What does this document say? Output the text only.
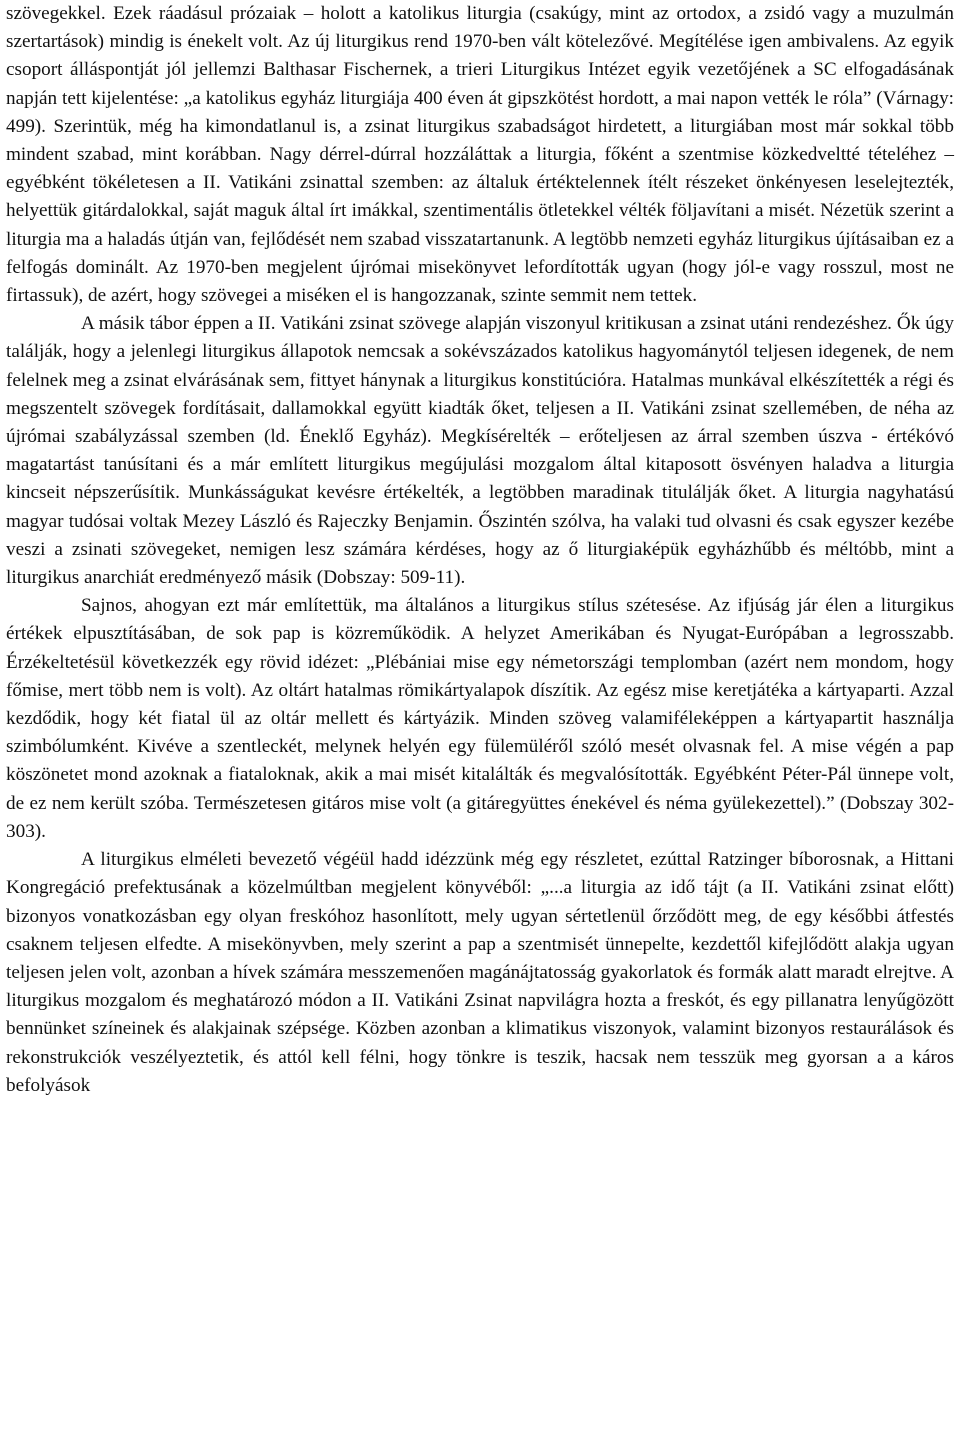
szövegekkel. Ezek ráadásul prózaiak – holott a katolikus liturgia (csakúgy, mint az ortodox, a zsidó vagy a muzulmán szertartások) mindig is énekelt volt. Az új liturgikus rend 1970-ben vált kötelezővé. Megítélése igen ambivalens. Az egyik csoport álláspontját jól jellemzi Balthasar Fischernek, a trieri Liturgikus Intézet egyik vezetőjének a SC elfogadásának napján tett kijelentése: „a katolikus egyház liturgiája 400 éven át gipszkötést hordott, a mai napon vették le róla” (Várnagy: 499). Szerintük, még ha kimondatlanul is, a zsinat liturgikus szabadságot hirdetett, a liturgiában most már sokkal több mindent szabad, mint korábban. Nagy dérrel-dúrral hozzáláttak a liturgia, főként a szentmise közkedveltté tételéhez – egyébként tökéletesen a II. Vatikáni zsinattal szemben: az általuk értéktelennek ítélt részeket önkényesen leselejtezték, helyettük gitárdalokkal, saját maguk által írt imákkal, szentimentális ötletekkel vélték följavítani a misét. Nézetük szerint a liturgia ma a haladás útján van, fejlődését nem szabad visszatartanunk. A legtöbb nemzeti egyház liturgikus újításaiban ez a felfogás dominált. Az 1970-ben megjelent újrómai misekönyvet lefordították ugyan (hogy jól-e vagy rosszul, most ne firtassuk), de azért, hogy szövegei a miséken el is hangozzanak, szinte semmit nem tettek.

A másik tábor éppen a II. Vatikáni zsinat szövege alapján viszonyul kritikusan a zsinat utáni rendezéshez. Ők úgy találják, hogy a jelenlegi liturgikus állapotok nemcsak a sokévszázados katolikus hagyománytól teljesen idegenek, de nem felelnek meg a zsinat elvárásának sem, fittyet hánynak a liturgikus konstitúcióra. Hatalmas munkával elkészítették a régi és megszentelt szövegek fordításait, dallamokkal együtt kiadták őket, teljesen a II. Vatikáni zsinat szellemében, de néha az újrómai szabályzással szemben (ld. Éneklő Egyház). Megkísérelték – erőteljesen az árral szemben úszva - értékóvó magatartást tanúsítani és a már említett liturgikus megújulási mozgalom által kitaposott ösvényen haladva a liturgia kincseit népszerűsítik. Munkásságukat kevésre értékelték, a legtöbben maradinak titulálják őket. A liturgia nagyhatású magyar tudósai voltak Mezey László és Rajeczky Benjamin. Őszintén szólva, ha valaki tud olvasni és csak egyszer kezébe veszi a zsinati szövegeket, nemigen lesz számára kérdéses, hogy az ő liturgiaképük egyházhűbb és méltóbb, mint a liturgikus anarchiát eredményező másik (Dobszay: 509-11).

Sajnos, ahogyan ezt már említettük, ma általános a liturgikus stílus szétesése. Az ifjúság jár élen a liturgikus értékek elpusztításában, de sok pap is közreműködik. A helyzet Amerikában és Nyugat-Európában a legrosszabb. Érzékeltetésül következzék egy rövid idézet: „Plébániai mise egy németországi templomban (azért nem mondom, hogy főmise, mert több nem is volt). Az oltárt hatalmas römikártyalapok díszítik. Az egész mise keretjátéka a kártyaparti. Azzal kezdődik, hogy két fiatal ül az oltár mellett és kártyázik. Minden szöveg valamiféleképpen a kártyapartit használja szimbólumként. Kivéve a szentleckét, melynek helyén egy fülemüléről szóló mesét olvasnak fel. A mise végén a pap köszönetet mond azoknak a fiataloknak, akik a mai misét kitalálták és megvalósították. Egyébként Péter-Pál ünnepe volt, de ez nem került szóba. Természetesen gitáros mise volt (a gitáregyüttes énekével és néma gyülekezettel).” (Dobszay 302-303).

A liturgikus elméleti bevezető végéül hadd idézzünk még egy részletet, ezúttal Ratzinger bíborosnak, a Hittani Kongregáció prefektusának a közelmúltban megjelent könyvéből: „...a liturgia az idő tájt (a II. Vatikáni zsinat előtt) bizonyos vonatkozásban egy olyan freskóhoz hasonlított, mely ugyan sértetlenül őrződött meg, de egy későbbi átfestés csaknem teljesen elfedte. A misekönyvben, mely szerint a pap a szentmisét ünnepelte, kezdettől kifejlődött alakja ugyan teljesen jelen volt, azonban a hívek számára messzemenően magánájtatosság gyakorlatok és formák alatt maradt elrejtve. A liturgikus mozgalom és meghatározó módon a II. Vatikáni Zsinat napvilágra hozta a freskót, és egy pillanatra lenyűgözött bennünket színeinek és alakjainak szépsége. Közben azonban a klimatikus viszonyok, valamint bizonyos restaurálások és rekonstrukciók veszélyeztetik, és attól kell félni, hogy tönkre is teszik, hacsak nem tesszük meg gyorsan a a káros befolyások
